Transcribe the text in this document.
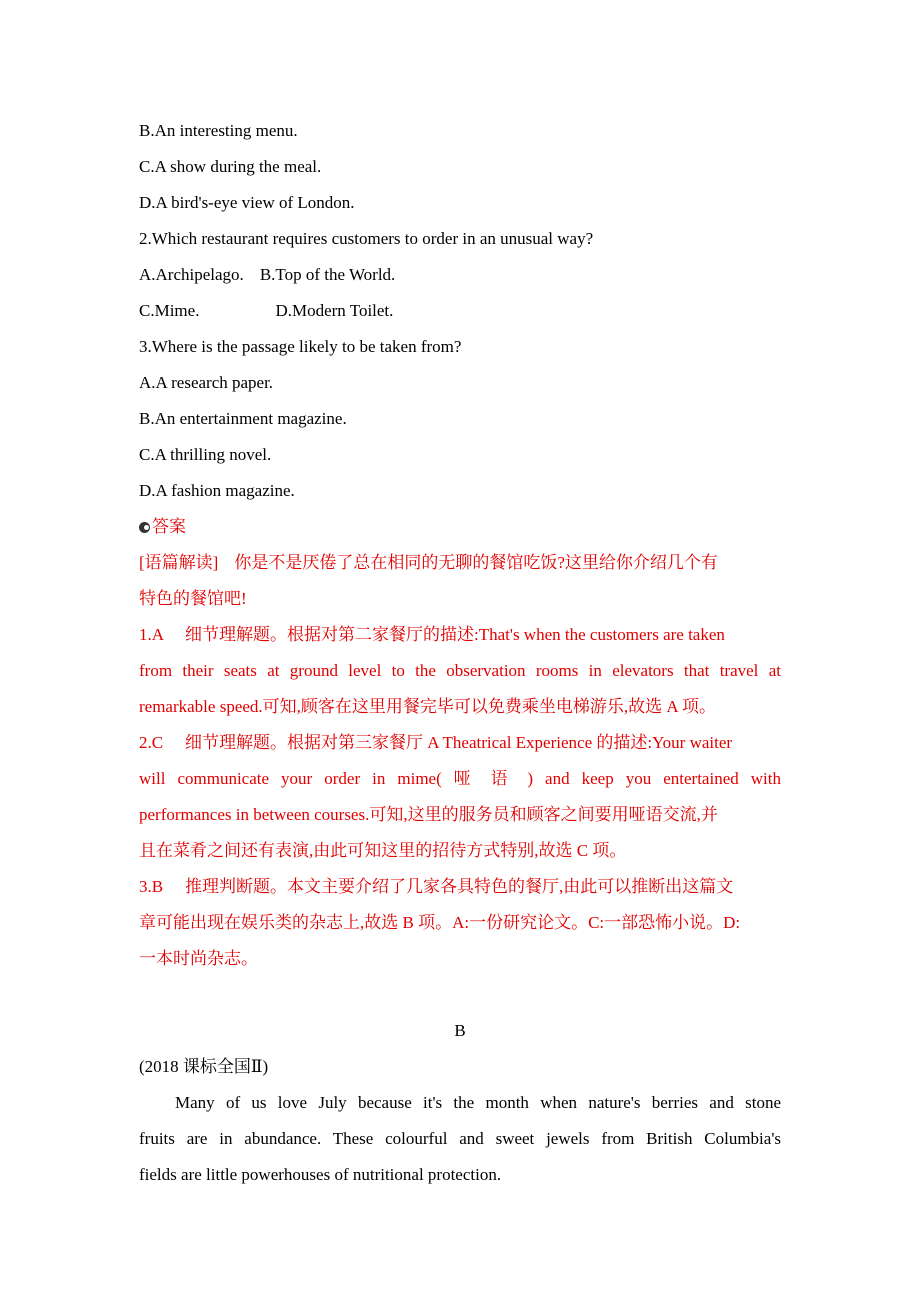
B.An interesting menu.
C.A show during the meal.
D.A bird's-eye view of London.
2.Which restaurant requires customers to order in an unusual way?
A.Archipelago. B.Top of the World.
C.Mime.	D.Modern Toilet.
3.Where is the passage likely to be taken from?
A.A research paper.
B.An entertainment magazine.
C.A thrilling novel.
D.A fashion magazine.
答案
[语篇解读] 你是不是厌倦了总在相同的无聊的餐馆吃饭?这里给你介绍几个有
特色的餐馆吧!
1.A 细节理解题。根据对第二家餐厅的描述:That's when the customers are taken
from their seats at ground level to the observation rooms in elevators that travel at
remarkable speed.可知,顾客在这里用餐完毕可以免费乘坐电梯游乐,故选 A 项。
2.C 细节理解题。根据对第三家餐厅 A Theatrical Experience 的描述:Your waiter
will communicate your order in mime( 哑 语 ) and keep you entertained with
performances in between courses.可知,这里的服务员和顾客之间要用哑语交流,并
且在菜肴之间还有表演,由此可知这里的招待方式特别,故选 C 项。
3.B 推理判断题。本文主要介绍了几家各具特色的餐厅,由此可以推断出这篇文
章可能出现在娱乐类的杂志上,故选 B 项。A:一份研究论文。C:一部恐怖小说。D:
一本时尚杂志。
B
(2018 课标全国Ⅱ)
Many of us love July because it's the month when nature's berries and stone
fruits are in abundance. These colourful and sweet jewels from British Columbia's
fields are little powerhouses of nutritional protection.
